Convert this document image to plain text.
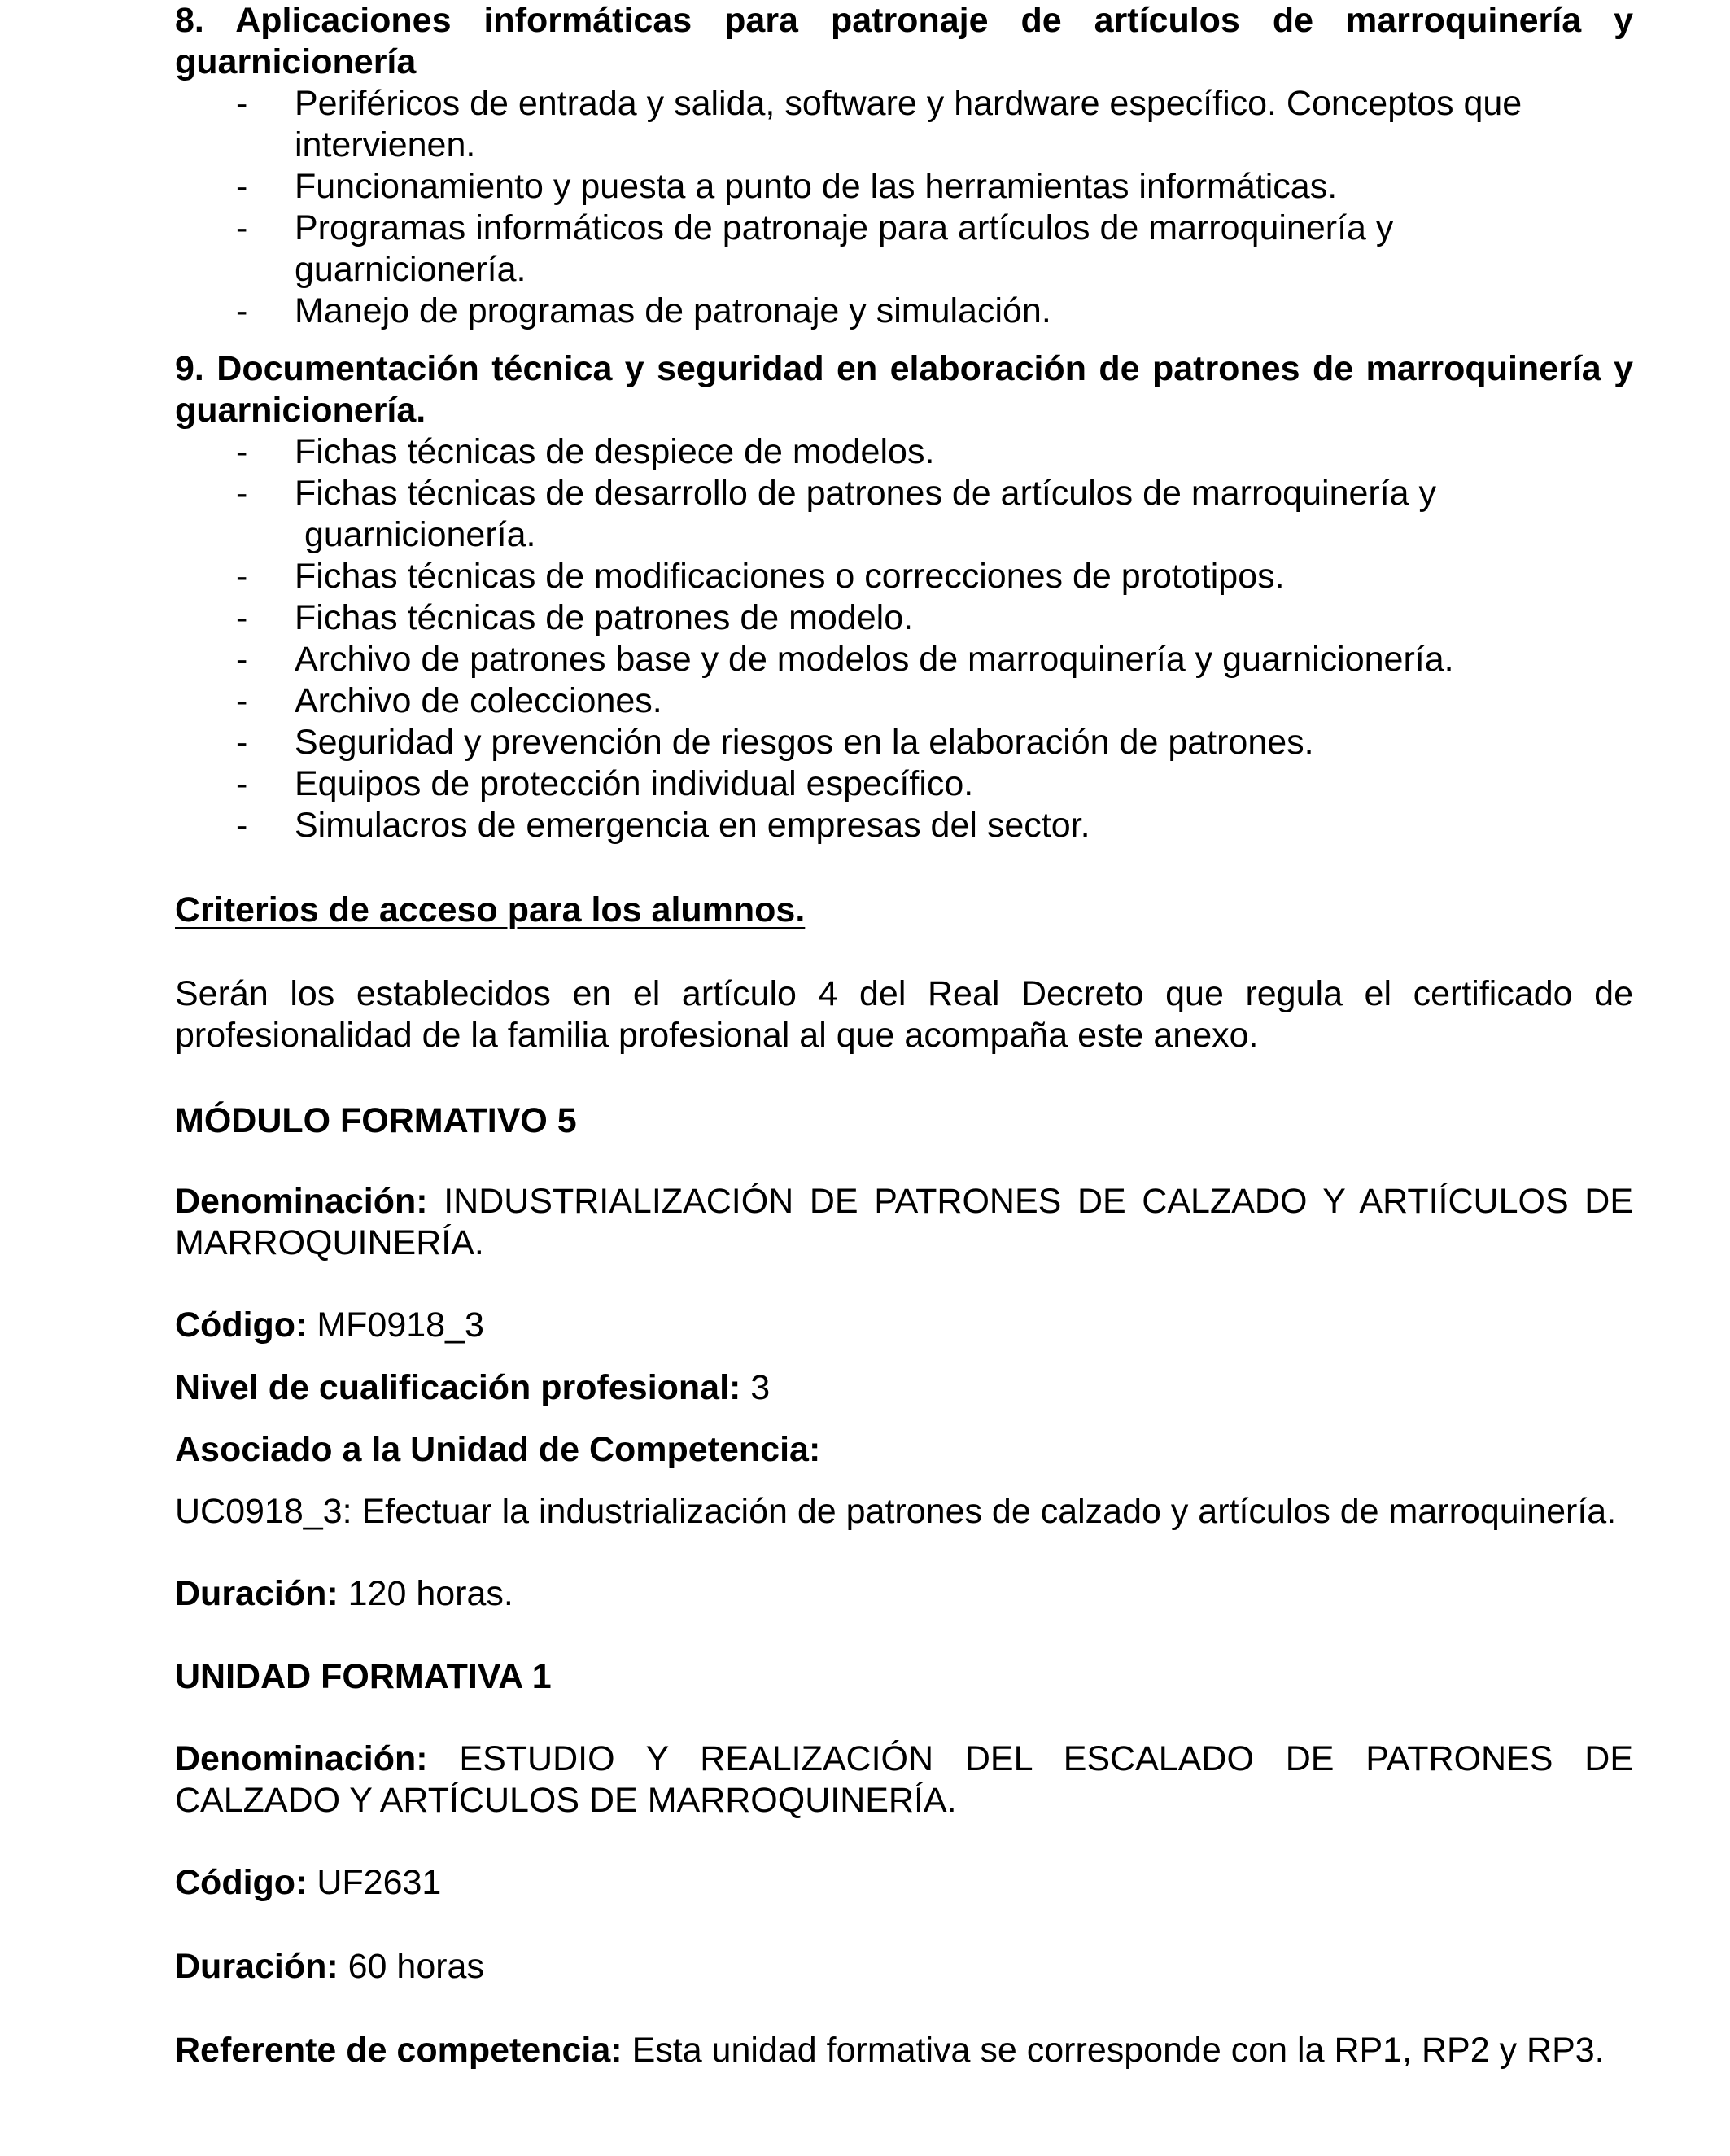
8. Aplicaciones informáticas para patronaje de artículos de marroquinería y guarnicionería

- Periféricos de entrada y salida, software y hardware específico. Conceptos que intervienen.
- Funcionamiento y puesta a punto de las herramientas informáticas.
- Programas informáticos de patronaje para artículos de marroquinería y guarnicionería.
- Manejo de programas de patronaje y simulación.

9. Documentación técnica y seguridad en elaboración de patrones de marroquinería y guarnicionería.

- Fichas técnicas de despiece de modelos.
- Fichas técnicas de desarrollo de patrones de artículos de marroquinería y
guarnicionería.
- Fichas técnicas de modificaciones o correcciones de prototipos.
- Fichas técnicas de patrones de modelo.
- Archivo de patrones base y de modelos de marroquinería y guarnicionería.
- Archivo de colecciones.
- Seguridad y prevención de riesgos en la elaboración de patrones.
- Equipos de protección individual específico.
- Simulacros de emergencia en empresas del sector.

Criterios de acceso para los alumnos.

Serán los establecidos en el artículo 4 del Real Decreto que regula el certificado de profesionalidad de la familia profesional al que acompaña este anexo.

MÓDULO FORMATIVO 5

Denominación: INDUSTRIALIZACIÓN DE PATRONES DE CALZADO Y ARTIÍCULOS DE MARROQUINERÍA.

Código: MF0918_3

Nivel de cualificación profesional: 3

Asociado a la Unidad de Competencia:

UC0918_3: Efectuar la industrialización de patrones de calzado y artículos de marroquinería.

Duración: 120 horas.

UNIDAD FORMATIVA 1

Denominación: ESTUDIO Y REALIZACIÓN DEL ESCALADO DE PATRONES DE CALZADO Y ARTÍCULOS DE MARROQUINERÍA.

Código: UF2631

Duración: 60 horas

Referente de competencia: Esta unidad formativa se corresponde con la RP1, RP2 y RP3.
